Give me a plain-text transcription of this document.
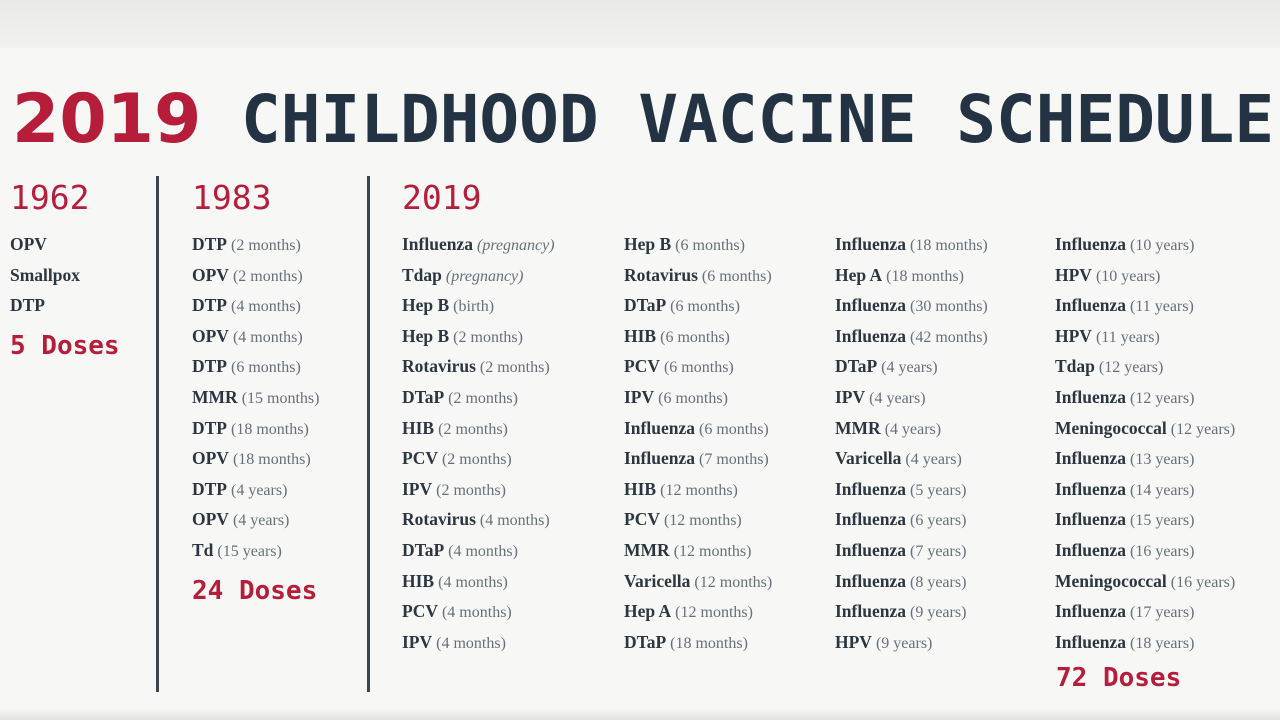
2019 CHILDHOOD VACCINE SCHEDULE
1962
OPV
Smallpox
DTP
5 Doses
1983
DTP (2 months)
OPV (2 months)
DTP (4 months)
OPV (4 months)
DTP (6 months)
MMR (15 months)
DTP (18 months)
OPV (18 months)
DTP (4 years)
OPV (4 years)
Td (15 years)
24 Doses
2019
Influenza (pregnancy)
Tdap (pregnancy)
Hep B (birth)
Hep B (2 months)
Rotavirus (2 months)
DTaP (2 months)
HIB (2 months)
PCV (2 months)
IPV (2 months)
Rotavirus (4 months)
DTaP (4 months)
HIB (4 months)
PCV (4 months)
IPV (4 months)
Hep B (6 months)
Rotavirus (6 months)
DTaP (6 months)
HIB (6 months)
PCV (6 months)
IPV (6 months)
Influenza (6 months)
Influenza (7 months)
HIB (12 months)
PCV (12 months)
MMR (12 months)
Varicella (12 months)
Hep A (12 months)
DTaP (18 months)
Influenza (18 months)
Hep A (18 months)
Influenza (30 months)
Influenza (42 months)
DTaP (4 years)
IPV (4 years)
MMR (4 years)
Varicella (4 years)
Influenza (5 years)
Influenza (6 years)
Influenza (7 years)
Influenza (8 years)
Influenza (9 years)
HPV (9 years)
Influenza (10 years)
HPV (10 years)
Influenza (11 years)
HPV (11 years)
Tdap (12 years)
Influenza (12 years)
Meningococcal (12 years)
Influenza (13 years)
Influenza (14 years)
Influenza (15 years)
Influenza (16 years)
Meningococcal (16 years)
Influenza (17 years)
Influenza (18 years)
72 Doses
